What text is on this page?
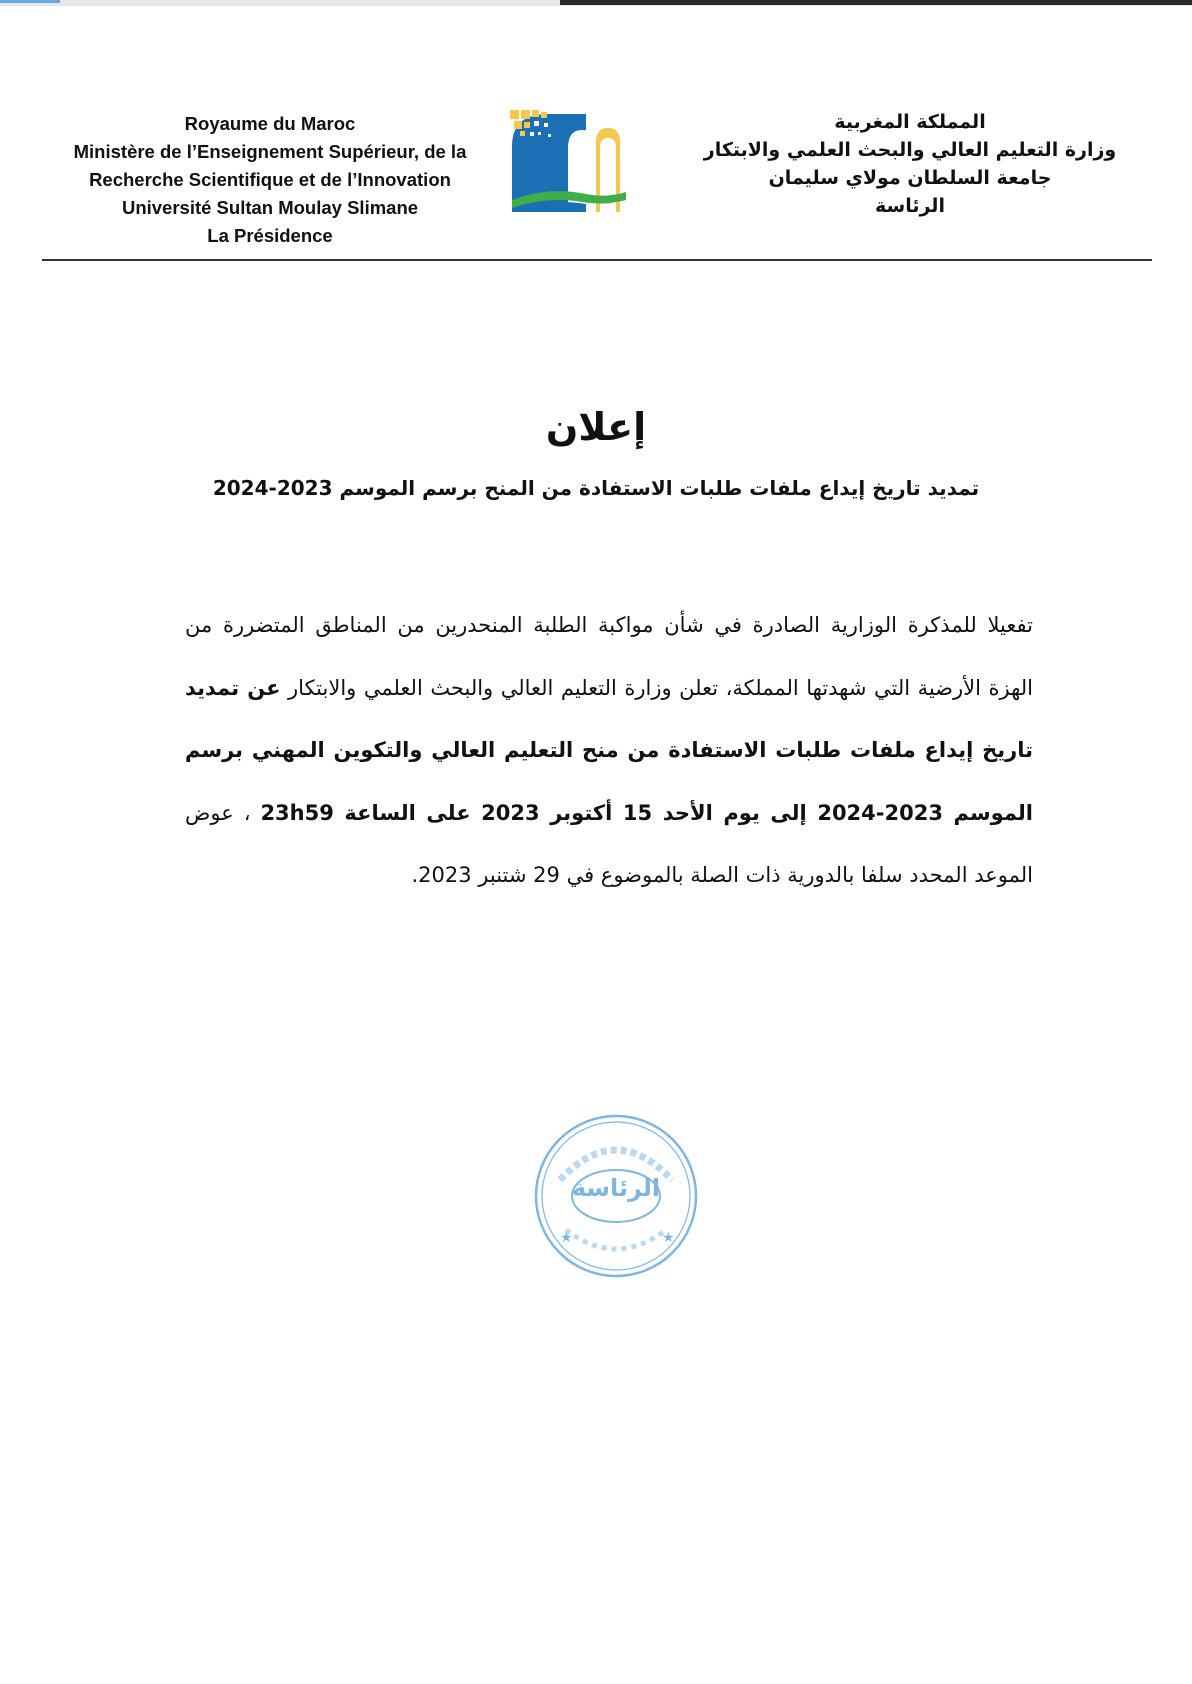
Royaume du Maroc
Ministère de l’Enseignement Supérieur, de la
Recherche Scientifique et de l’Innovation
Université Sultan Moulay Slimane
La Présidence
المملكة المغربية
وزارة التعليم العالي والبحث العلمي والابتكار
جامعة السلطان مولاي سليمان
الرئاسة
إعلان
تمديد تاريخ إيداع ملفات طلبات الاستفادة من المنح برسم الموسم 2023-2024
تفعيلا للمذكرة الوزارية الصادرة في شأن مواكبة الطلبة المنحدرين من المناطق المتضررة من الهزة الأرضية التي شهدتها المملكة، تعلن وزارة التعليم العالي والبحث العلمي والابتكار عن تمديد تاريخ إيداع ملفات طلبات الاستفادة من منح التعليم العالي والتكوين المهني برسم الموسم 2023-2024 إلى يوم الأحد 15 أكتوبر 2023 على الساعة 23h59 ، عوض الموعد المحدد سلفا بالدورية ذات الصلة بالموضوع في 29 شتنبر 2023.
★	★
الرئاسة
